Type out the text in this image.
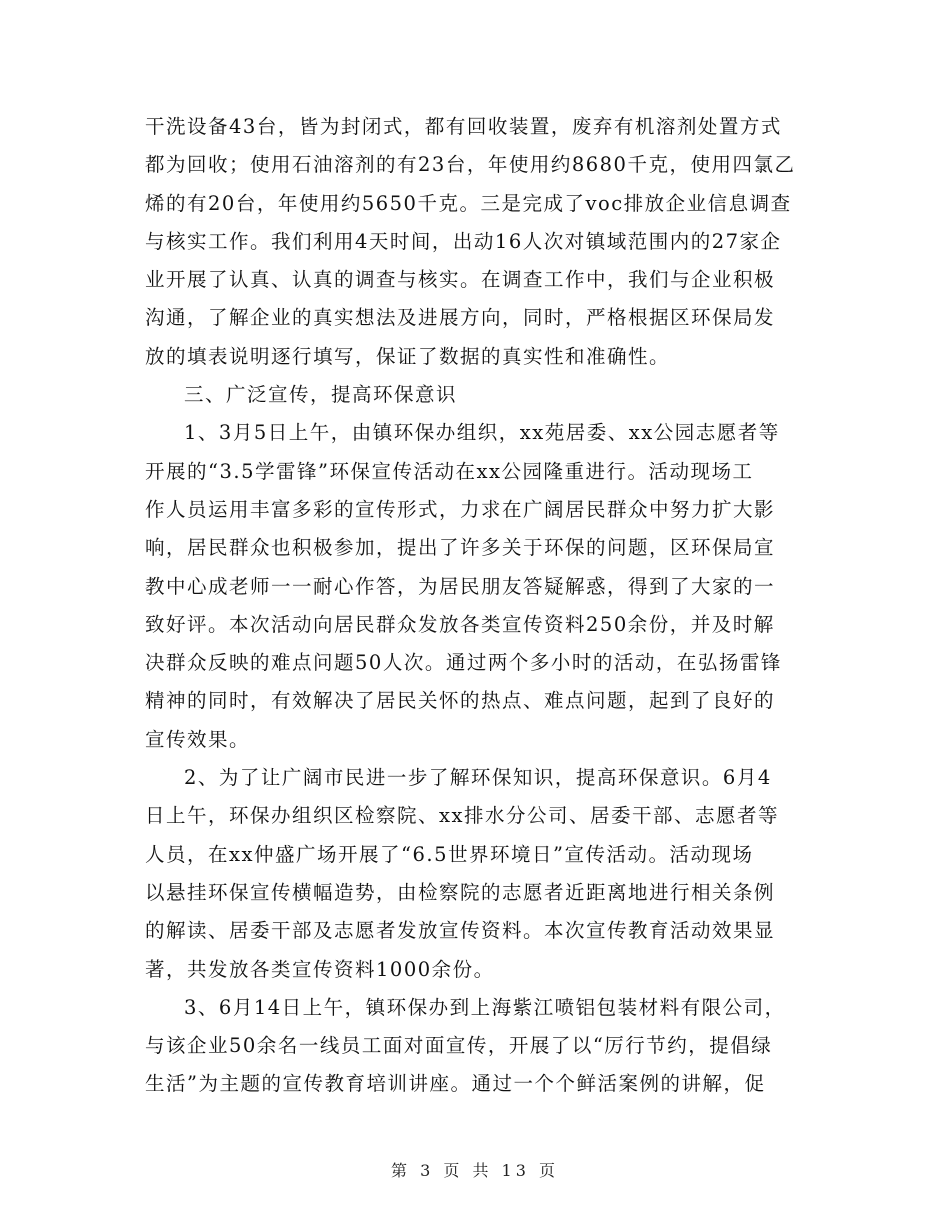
干洗设备43台，皆为封闭式，都有回收装置，废弃有机溶剂处置方式
都为回收；使用石油溶剂的有23台，年使用约8680千克，使用四氯乙
烯的有20台，年使用约5650千克。三是完成了voc排放企业信息调查
与核实工作。我们利用4天时间，出动16人次对镇域范围内的27家企
业开展了认真、认真的调查与核实。在调查工作中，我们与企业积极
沟通，了解企业的真实想法及进展方向，同时，严格根据区环保局发
放的填表说明逐行填写，保证了数据的真实性和准确性。
三、广泛宣传，提高环保意识
1、3月5日上午，由镇环保办组织，xx苑居委、xx公园志愿者等
开展的“3.5学雷锋”环保宣传活动在xx公园隆重进行。活动现场工
作人员运用丰富多彩的宣传形式，力求在广阔居民群众中努力扩大影
响，居民群众也积极参加，提出了许多关于环保的问题，区环保局宣
教中心成老师一一耐心作答，为居民朋友答疑解惑，得到了大家的一
致好评。本次活动向居民群众发放各类宣传资料250余份，并及时解
决群众反映的难点问题50人次。通过两个多小时的活动，在弘扬雷锋
精神的同时，有效解决了居民关怀的热点、难点问题，起到了良好的
宣传效果。
2、为了让广阔市民进一步了解环保知识，提高环保意识。6月4
日上午，环保办组织区检察院、xx排水分公司、居委干部、志愿者等
人员，在xx仲盛广场开展了“6.5世界环境日”宣传活动。活动现场
以悬挂环保宣传横幅造势，由检察院的志愿者近距离地进行相关条例
的解读、居委干部及志愿者发放宣传资料。本次宣传教育活动效果显
著，共发放各类宣传资料1000余份。
3、6月14日上午，镇环保办到上海紫江喷铝包装材料有限公司，
与该企业50余名一线员工面对面宣传，开展了以“厉行节约，提倡绿
生活”为主题的宣传教育培训讲座。通过一个个鲜活案例的讲解，促
第 3 页 共 13 页
